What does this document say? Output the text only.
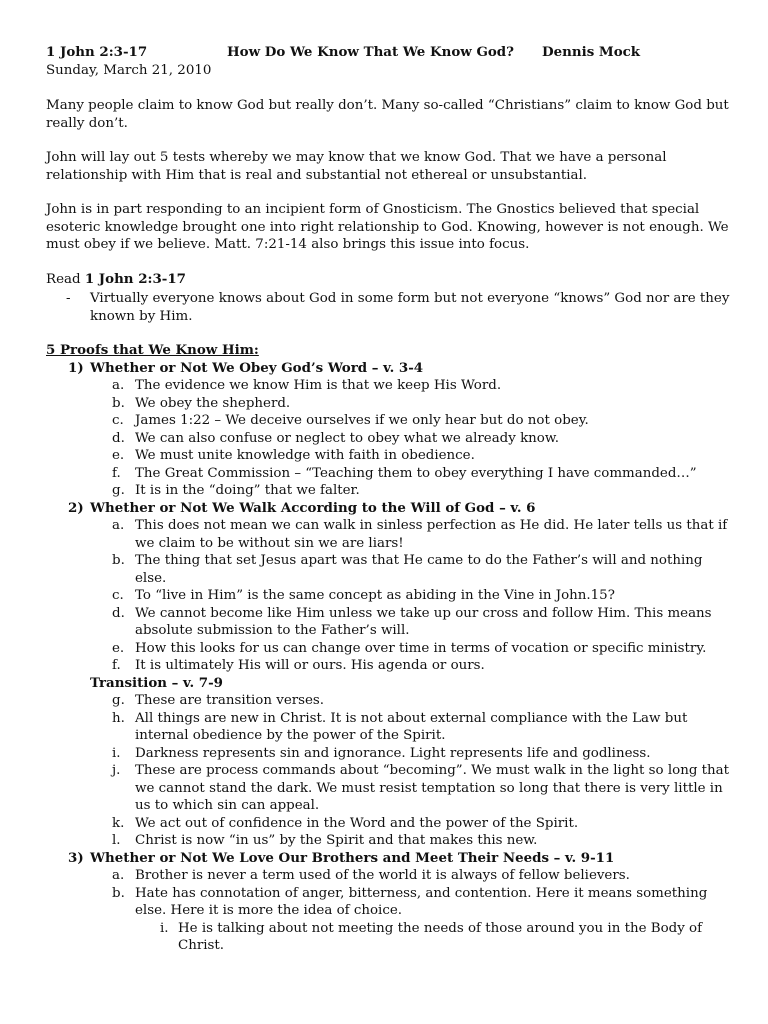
1 John 2:3-17	How Do We Know That We Know God? Dennis Mock
Sunday, March 21, 2010
Many people claim to know God but really don’t. Many so-called “Christians” claim to know God but really don’t.
John will lay out 5 tests whereby we may know that we know God. That we have a personal relationship with Him that is real and substantial not ethereal or unsubstantial.
John is in part responding to an incipient form of Gnosticism. The Gnostics believed that special esoteric knowledge brought one into right relationship to God. Knowing, however is not enough. We must obey if we believe. Matt. 7:21-14 also brings this issue into focus.
Read 1 John 2:3-17
- Virtually everyone knows about God in some form but not everyone “knows” God nor are they known by Him.
5 Proofs that We Know Him:
1) Whether or Not We Obey God’s Word – v. 3-4
a. The evidence we know Him is that we keep His Word.
b. We obey the shepherd.
c. James 1:22 – We deceive ourselves if we only hear but do not obey.
d. We can also confuse or neglect to obey what we already know.
e. We must unite knowledge with faith in obedience.
f. The Great Commission – “Teaching them to obey everything I have commanded…”
g. It is in the “doing” that we falter.
2) Whether or Not We Walk According to the Will of God – v. 6
a. This does not mean we can walk in sinless perfection as He did. He later tells us that if we claim to be without sin we are liars!
b. The thing that set Jesus apart was that He came to do the Father’s will and nothing else.
c. To “live in Him” is the same concept as abiding in the Vine in John.15?
d. We cannot become like Him unless we take up our cross and follow Him. This means absolute submission to the Father’s will.
e. How this looks for us can change over time in terms of vocation or specific ministry.
f. It is ultimately His will or ours. His agenda or ours.
Transition – v. 7-9
g. These are transition verses.
h. All things are new in Christ. It is not about external compliance with the Law but internal obedience by the power of the Spirit.
i. Darkness represents sin and ignorance. Light represents life and godliness.
j. These are process commands about “becoming”. We must walk in the light so long that we cannot stand the dark. We must resist temptation so long that there is very little in us to which sin can appeal.
k. We act out of confidence in the Word and the power of the Spirit.
l. Christ is now “in us” by the Spirit and that makes this new.
3) Whether or Not We Love Our Brothers and Meet Their Needs – v. 9-11
a. Brother is never a term used of the world it is always of fellow believers.
b. Hate has connotation of anger, bitterness, and contention. Here it means something else. Here it is more the idea of choice.
i. He is talking about not meeting the needs of those around you in the Body of Christ.
